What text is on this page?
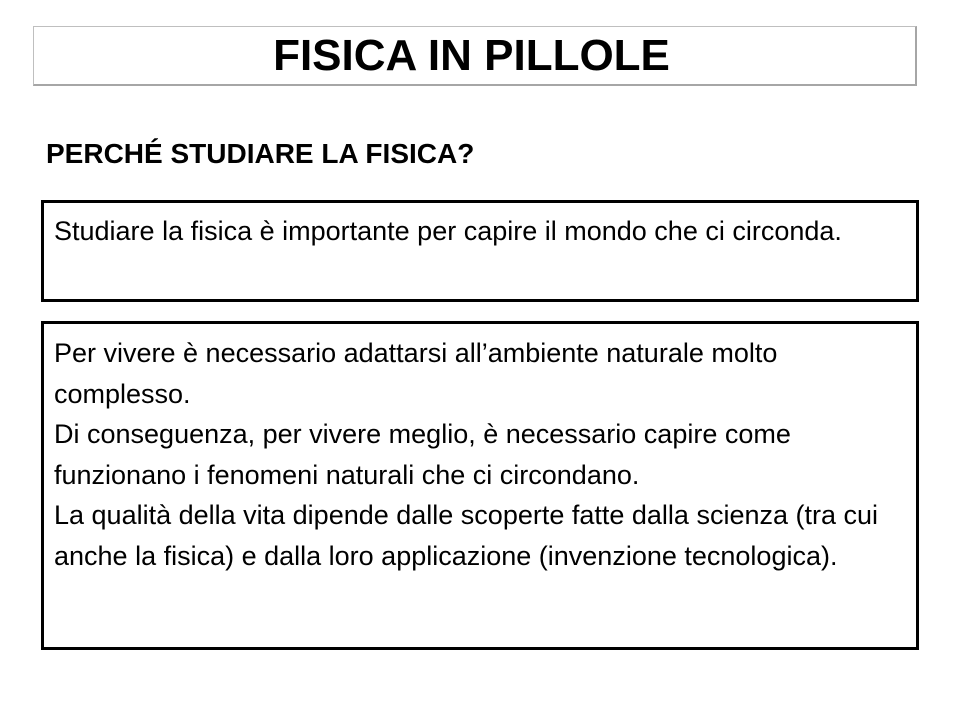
FISICA IN PILLOLE
PERCHÉ STUDIARE LA FISICA?
Studiare la fisica è importante per capire il mondo che ci circonda.
Per vivere è necessario adattarsi all’ambiente naturale molto complesso.
Di conseguenza, per vivere meglio, è necessario capire come funzionano i fenomeni naturali che ci circondano.
La qualità della vita dipende dalle scoperte fatte dalla scienza (tra cui anche la fisica) e dalla loro applicazione (invenzione tecnologica).
